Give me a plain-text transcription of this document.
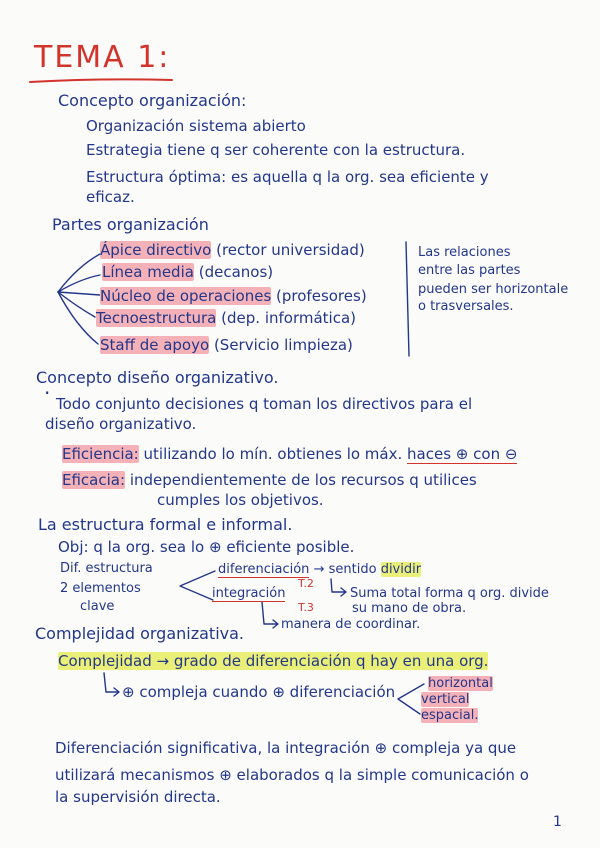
TEMA 1:
Concepto organización:
Organización sistema abierto
Estrategia tiene q ser coherente con la estructura.
Estructura óptima: es aquella q la org. sea eficiente y
eficaz.
Partes organización
Ápice directivo (rector universidad)
Línea media (decanos)
Núcleo de operaciones (profesores)
Tecnoestructura (dep. informática)
Staff de apoyo (Servicio limpieza)
Las relaciones
entre las partes
pueden ser horizontale
o trasversales.
Concepto diseño organizativo.
· Todo conjunto decisiones q toman los directivos para el
diseño organizativo.
Eficiencia: utilizando lo mín. obtienes lo máx. haces ⊕ con ⊖
Eficacia: independientemente de los recursos q utilices
cumples los objetivos.
La estructura formal e informal.
Obj: q la org. sea lo ⊕ eficiente posible.
Dif. estructura
2 elementos
clave
diferenciación → sentido dividir
T.2
Suma total forma q org. divide
su mano de obra.
integración
T.3
manera de coordinar.
Complejidad organizativa.
Complejidad → grado de diferenciación q hay en una org.
⊕ compleja cuando ⊕ diferenciación	horizontal
vertical
espacial.
Diferenciación significativa, la integración ⊕ compleja ya que
utilizará mecanismos ⊕ elaborados q la simple comunicación o
la supervisión directa.
1
